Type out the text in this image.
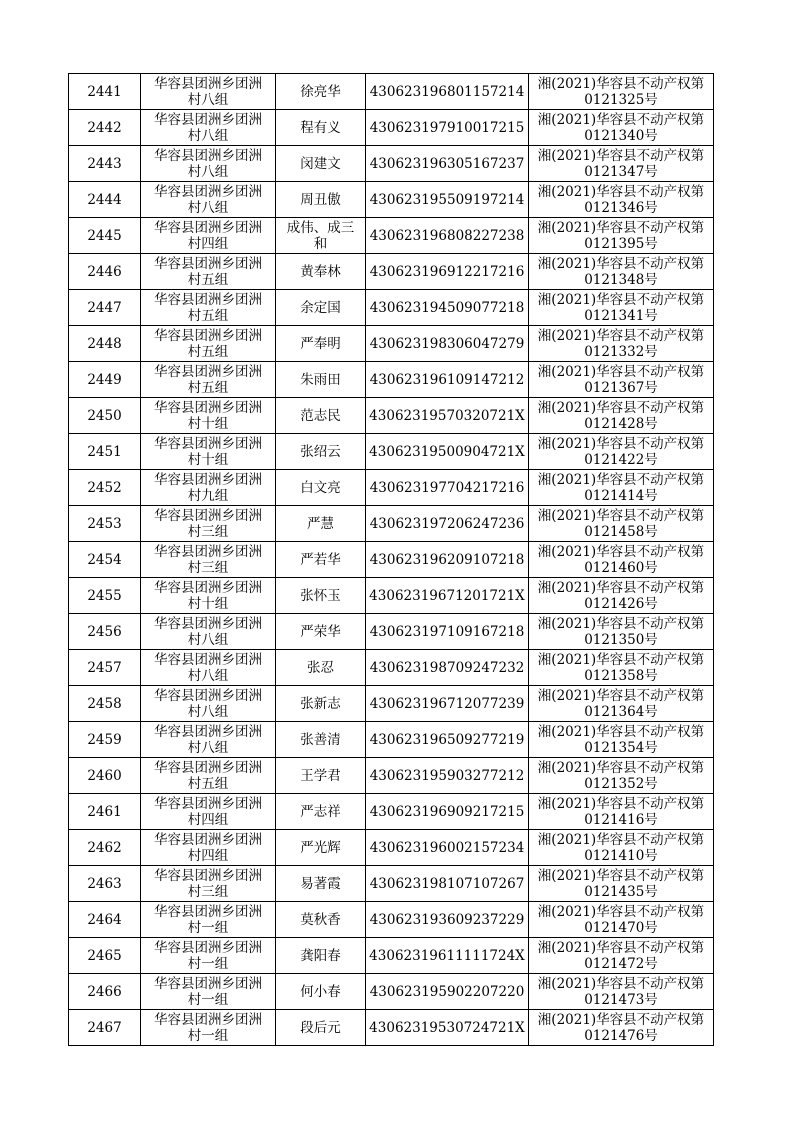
2441	华容县团洲乡团洲
村八组	徐亮华	430623196801157214	湘(2021)华容县不动产权第
0121325号

2442	华容县团洲乡团洲
村八组	程有义	430623197910017215	湘(2021)华容县不动产权第
0121340号

2443	华容县团洲乡团洲
村八组	闵建文	430623196305167237	湘(2021)华容县不动产权第
0121347号

2444	华容县团洲乡团洲
村八组	周丑傲	430623195509197214	湘(2021)华容县不动产权第
0121346号

2445	华容县团洲乡团洲
村四组	成伟、成三
和	430623196808227238	湘(2021)华容县不动产权第
0121395号

2446	华容县团洲乡团洲
村五组	黄奉林	430623196912217216	湘(2021)华容县不动产权第
0121348号

2447	华容县团洲乡团洲
村五组	余定国	430623194509077218	湘(2021)华容县不动产权第
0121341号

2448	华容县团洲乡团洲
村五组	严奉明	430623198306047279	湘(2021)华容县不动产权第
0121332号

2449	华容县团洲乡团洲
村五组	朱雨田	430623196109147212	湘(2021)华容县不动产权第
0121367号

2450	华容县团洲乡团洲
村十组	范志民	43062319570320721X	湘(2021)华容县不动产权第
0121428号

2451	华容县团洲乡团洲
村十组	张绍云	43062319500904721X	湘(2021)华容县不动产权第
0121422号

2452	华容县团洲乡团洲
村九组	白文亮	430623197704217216	湘(2021)华容县不动产权第
0121414号

2453	华容县团洲乡团洲
村三组	严慧	430623197206247236	湘(2021)华容县不动产权第
0121458号

2454	华容县团洲乡团洲
村三组	严若华	430623196209107218	湘(2021)华容县不动产权第
0121460号

2455	华容县团洲乡团洲
村十组	张怀玉	43062319671201721X	湘(2021)华容县不动产权第
0121426号

2456	华容县团洲乡团洲
村八组	严荣华	430623197109167218	湘(2021)华容县不动产权第
0121350号

2457	华容县团洲乡团洲
村八组	张忍	430623198709247232	湘(2021)华容县不动产权第
0121358号

2458	华容县团洲乡团洲
村八组	张新志	430623196712077239	湘(2021)华容县不动产权第
0121364号

2459	华容县团洲乡团洲
村八组	张善清	430623196509277219	湘(2021)华容县不动产权第
0121354号

2460	华容县团洲乡团洲
村五组	王学君	430623195903277212	湘(2021)华容县不动产权第
0121352号

2461	华容县团洲乡团洲
村四组	严志祥	430623196909217215	湘(2021)华容县不动产权第
0121416号

2462	华容县团洲乡团洲
村四组	严光辉	430623196002157234	湘(2021)华容县不动产权第
0121410号

2463	华容县团洲乡团洲
村三组	易著霞	430623198107107267	湘(2021)华容县不动产权第
0121435号

2464	华容县团洲乡团洲
村一组	莫秋香	430623193609237229	湘(2021)华容县不动产权第
0121470号

2465	华容县团洲乡团洲
村一组	龚阳春	43062319611111724X	湘(2021)华容县不动产权第
0121472号

2466	华容县团洲乡团洲
村一组	何小春	430623195902207220	湘(2021)华容县不动产权第
0121473号

2467	华容县团洲乡团洲
村一组	段后元	43062319530724721X	湘(2021)华容县不动产权第
0121476号
